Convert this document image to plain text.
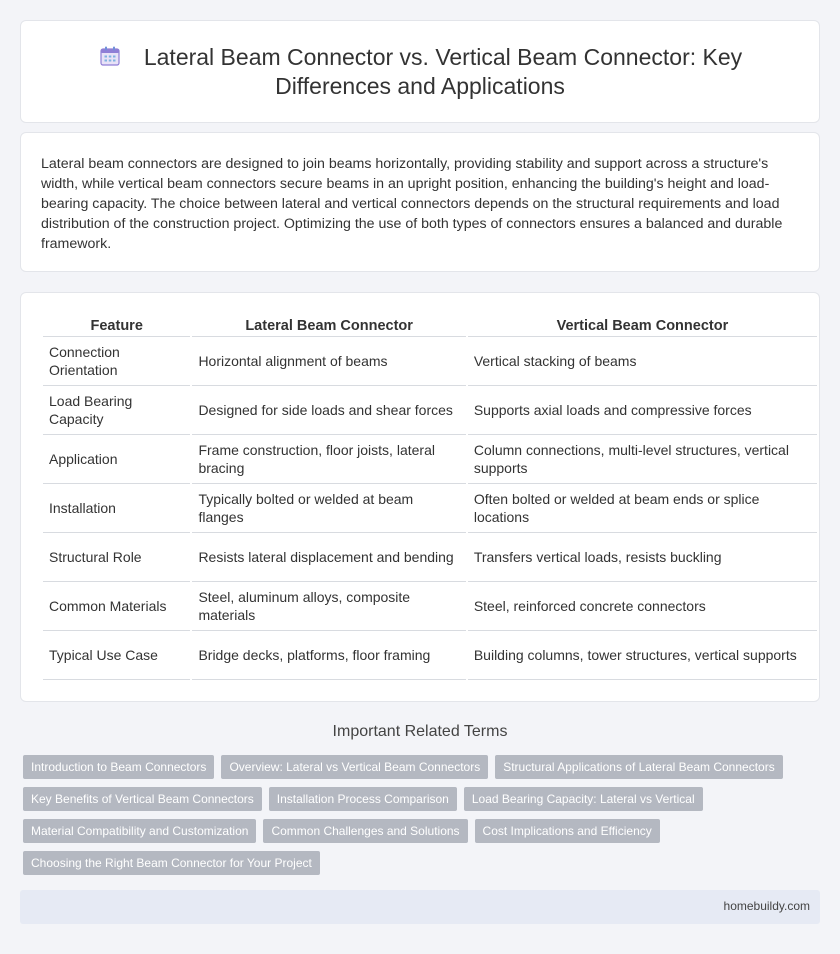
Lateral Beam Connector vs. Vertical Beam Connector: Key
Differences and Applications

Lateral beam connectors are designed to join beams horizontally, providing stability and support across a structure's width, while vertical beam connectors secure beams in an upright position, enhancing the building's height and load-bearing capacity. The choice between lateral and vertical connectors depends on the structural requirements and load distribution of the construction project. Optimizing the use of both types of connectors ensures a balanced and durable framework.

Feature	Lateral Beam Connector	Vertical Beam Connector
Connection Orientation	Horizontal alignment of beams	Vertical stacking of beams
Load Bearing Capacity	Designed for side loads and shear forces	Supports axial loads and compressive forces
Application	Frame construction, floor joists, lateral bracing	Column connections, multi-level structures, vertical supports
Installation	Typically bolted or welded at beam flanges	Often bolted or welded at beam ends or splice locations
Structural Role	Resists lateral displacement and bending	Transfers vertical loads, resists buckling
Common Materials	Steel, aluminum alloys, composite materials	Steel, reinforced concrete connectors
Typical Use Case	Bridge decks, platforms, floor framing	Building columns, tower structures, vertical supports
Important Related Terms
Introduction to Beam Connectors	Overview: Lateral vs Vertical Beam Connectors	Structural Applications of Lateral Beam Connectors
Key Benefits of Vertical Beam Connectors	Installation Process Comparison	Load Bearing Capacity: Lateral vs Vertical
Material Compatibility and Customization	Common Challenges and Solutions	Cost Implications and Efficiency
Choosing the Right Beam Connector for Your Project
homebuildy.com
